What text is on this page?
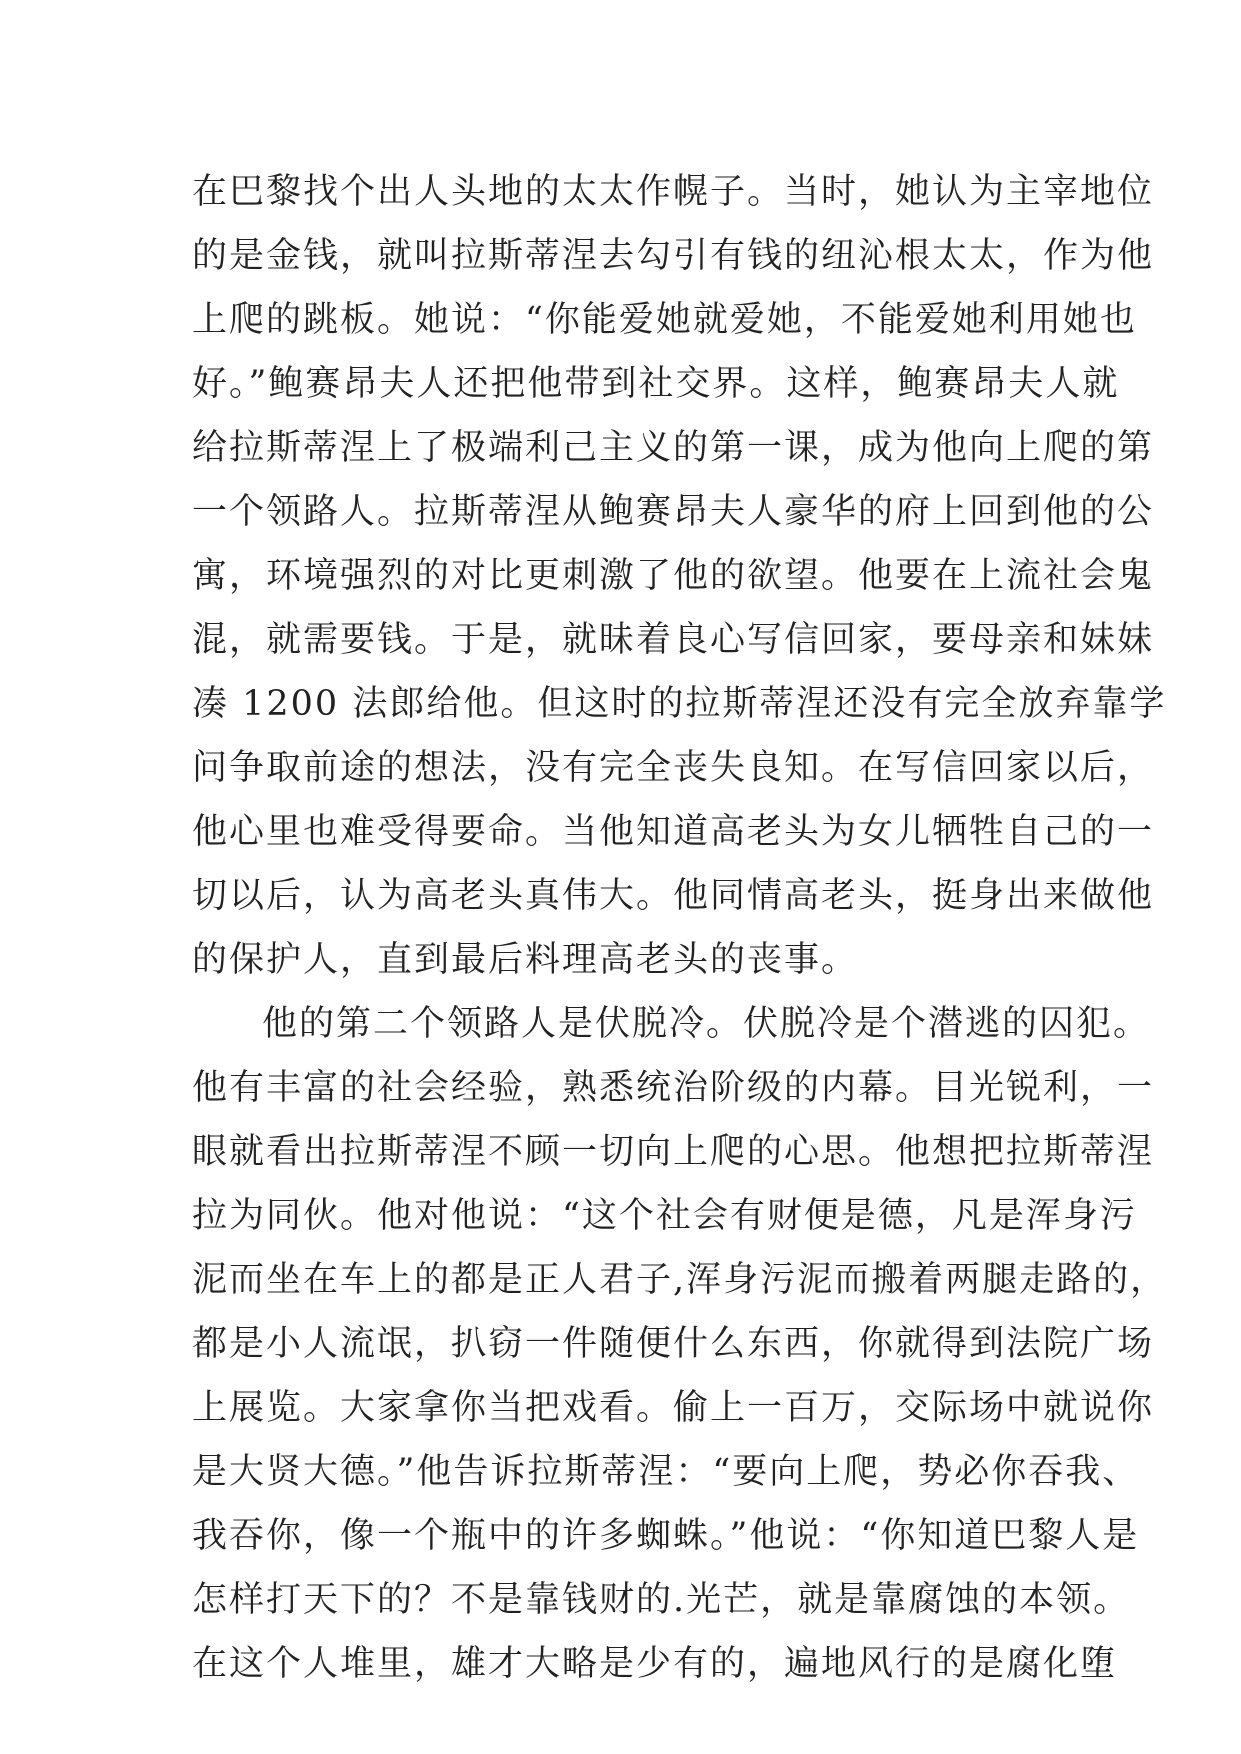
在巴黎找个出人头地的太太作幌子。当时，她认为主宰地位
的是金钱，就叫拉斯蒂涅去勾引有钱的纽沁根太太，作为他
上爬的跳板。她说：“你能爱她就爱她，不能爱她利用她也
好。”鲍赛昂夫人还把他带到社交界。这样，鲍赛昂夫人就
给拉斯蒂涅上了极端利己主义的第一课，成为他向上爬的第
一个领路人。拉斯蒂涅从鲍赛昂夫人豪华的府上回到他的公
寓，环境强烈的对比更刺激了他的欲望。他要在上流社会鬼
混，就需要钱。于是，就昧着良心写信回家，要母亲和妹妹
凑 1200 法郎给他。但这时的拉斯蒂涅还没有完全放弃靠学
问争取前途的想法，没有完全丧失良知。在写信回家以后，
他心里也难受得要命。当他知道高老头为女儿牺牲自己的一
切以后，认为高老头真伟大。他同情高老头，挺身出来做他
的保护人，直到最后料理高老头的丧事。
他的第二个领路人是伏脱冷。伏脱冷是个潜逃的囚犯。
他有丰富的社会经验，熟悉统治阶级的内幕。目光锐利，一
眼就看出拉斯蒂涅不顾一切向上爬的心思。他想把拉斯蒂涅
拉为同伙。他对他说：“这个社会有财便是德，凡是浑身污
泥而坐在车上的都是正人君子,浑身污泥而搬着两腿走路的，
都是小人流氓，扒窃一件随便什么东西，你就得到法院广场
上展览。大家拿你当把戏看。偷上一百万，交际场中就说你
是大贤大德。”他告诉拉斯蒂涅：“要向上爬，势必你吞我、
我吞你，像一个瓶中的许多蜘蛛。”他说：“你知道巴黎人是
怎样打天下的？不是靠钱财的.光芒，就是靠腐蚀的本领。
在这个人堆里，雄才大略是少有的，遍地风行的是腐化堕
